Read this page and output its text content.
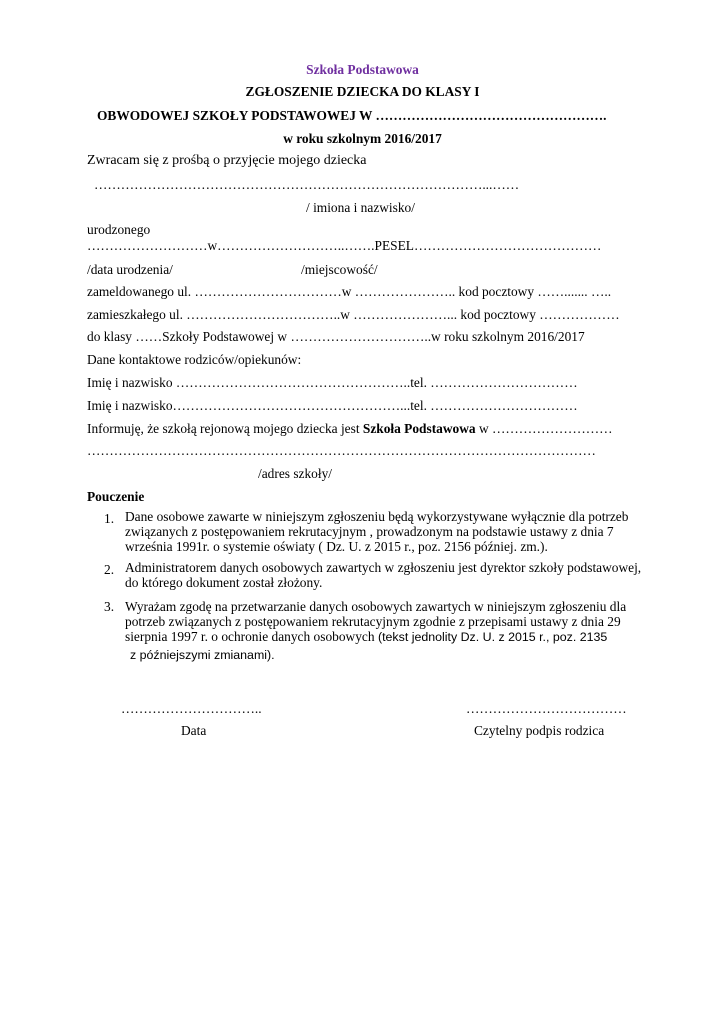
Szkoła Podstawowa
ZGŁOSZENIE DZIECKA DO KLASY I
OBWODOWEJ SZKOŁY PODSTAWOWEJ W …………………………………………….
w roku szkolnym 2016/2017
Zwracam się z prośbą o przyjęcie mojego dziecka
……………………………………………………………………………...……
/ imiona i nazwisko/
urodzonego
………………………w………………………..…….PESEL……………………………………
/data urodzenia/	/miejscowość/
zameldowanego ul. ……………………………w ………………….. kod pocztowy ……....... …..
zamieszkałego ul. ……………………………..w …………………... kod pocztowy ………………
do klasy ……Szkoły Podstawowej w …………………………..w roku szkolnym 2016/2017
Dane kontaktowe rodziców/opiekunów:
Imię i nazwisko ……………………………………………..tel. ……………………………
Imię i nazwisko……………………………………………...tel. ……………………………
Informuję, że szkołą rejonową mojego dziecka jest Szkoła Podstawowa w ………………………
……………………………………………………………………………………………………
/adres szkoły/
Pouczenie
1. Dane osobowe zawarte w niniejszym zgłoszeniu będą wykorzystywane wyłącznie dla potrzeb związanych z postępowaniem rekrutacyjnym , prowadzonym na podstawie ustawy z dnia 7 września 1991r. o systemie oświaty ( Dz. U. z 2015 r., poz. 2156 później. zm.).
2. Administratorem danych osobowych zawartych w zgłoszeniu jest dyrektor szkoły podstawowej, do którego dokument został złożony.
3. Wyrażam zgodę na przetwarzanie danych osobowych zawartych w niniejszym zgłoszeniu dla potrzeb związanych z postępowaniem rekrutacyjnym zgodnie z przepisami ustawy z dnia 29 sierpnia 1997 r. o ochronie danych osobowych (tekst jednolity Dz. U. z 2015 r., poz. 2135
z późniejszymi zmianami).
…………………………..
Data
………………………………
Czytelny podpis rodzica
